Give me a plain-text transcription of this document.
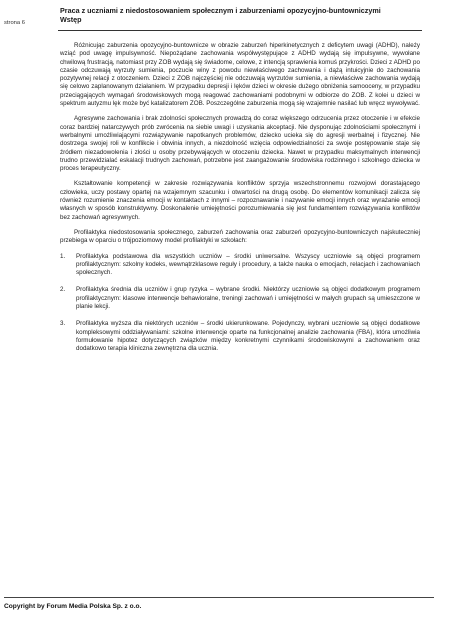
strona 6
Praca z uczniami z niedostosowaniem społecznym i zaburzeniami opozycyjno-buntowniczymi
Wstęp

Różnicując zaburzenia opozycyjno-buntownicze w obrazie zaburzeń hiperkinetycznych z deficytem uwagi (ADHD), należy wziąć pod uwagę impulsywność. Niepożądane zachowania współwystępujące z ADHD wydają się impulsywne, wywołane chwilową frustracją, natomiast przy ZOB wydają się świadome, celowe, z intencją sprawienia komuś przykrości. Dzieci z ADHD po czasie odczuwają wyrzuty sumienia, poczucie winy z powodu niewłaściwego zachowania i dążą intuicyjnie do zachowania pozytywnej relacji z otoczeniem. Dzieci z ZOB najczęściej nie odczuwają wyrzutów sumienia, a niewłaściwe zachowania wydają się celowo zaplanowanym działaniem. W przypadku depresji i lęków dzieci w okresie dużego obniżenia samooceny, w przypadku przeciągających wymagań środowiskowych mogą reagować zachowaniami podobnymi w odbiorze do ZOB. Z kolei u dzieci w spektrum autyzmu lęk może być katalizatorem ZOB. Poszczególne zaburzenia mogą się wzajemnie nasilać lub wręcz wywoływać.

Agresywne zachowania i brak zdolności społecznych prowadzą do coraz większego odrzucenia przez otoczenie i w efekcie coraz bardziej natarczywych prób zwrócenia na siebie uwagi i uzyskania akceptacji. Nie dysponując zdolnościami społecznymi i werbalnymi umożliwiającymi rozwiązywanie napotkanych problemów, dziecko ucieka się do agresji werbalnej i fizycznej. Nie dostrzega swojej roli w konflikcie i obwinia innych, a niezdolność wzięcia odpowiedzialności za swoje postępowanie staje się źródłem niezadowolenia i złości u osoby przebywających w otoczeniu dziecka. Nawet w przypadku maksymalnych interwencji trudno przewidzialać eskalacji trudnych zachowań, potrzebne jest zaangażowanie środowiska rodzinnego i szkolnego dziecka w proces terapeutyczny.

Kształtowanie kompetencji w zakresie rozwiązywania konfliktów sprzyja wszechstronnemu rozwojowi dorastającego człowieka, uczy postawy opartej na wzajemnym szacunku i otwartości na drugą osobę. Do elementów komunikacji zalicza się również rozumienie znaczenia emocji w kontaktach z innymi – rozpoznawanie i nazywanie emocji innych oraz wyrażanie emocji własnych w sposób konstruktywny. Doskonalenie umiejętności porozumiewania się jest fundamentem rozwiązywania konfliktów bez zachowań agresywnych.

Profilaktyka niedostosowania społecznego, zaburzeń zachowania oraz zaburzeń opozycyjno-buntowniczych najskuteczniej przebiega w oparciu o trójpoziomowy model profilaktyki w szkołach:

1. Profilaktyka podstawowa dla wszystkich uczniów – środki uniwersalne. Wszyscy uczniowie są objęci programem profilaktycznym: szkolny kodeks, wewnątrzklasowe reguły i procedury, a także nauka o emocjach, relacjach i zachowaniach społecznych.
2. Profilaktyka średnia dla uczniów i grup ryzyka – wybrane środki. Niektórzy uczniowie są objęci dodatkowym programem profilaktycznym: klasowe interwencje behawioralne, treningi zachowań i umiejętności w małych grupach są umieszczone w planie lekcji.
3. Profilaktyka wyższa dla niektórych uczniów – środki ukierunkowane. Pojedynczy, wybrani uczniowie są objęci dodatkowe kompleksowymi oddziaływaniami: szkolne interwencje oparte na funkcjonalnej analizie zachowania (FBA), która umożliwia formułowanie hipotez dotyczących związków między konkretnymi czynnikami środowiskowymi a zachowaniem oraz dodatkowo terapia kliniczna zewnętrzna dla ucznia.
Copyright by Forum Media Polska Sp. z o.o.
